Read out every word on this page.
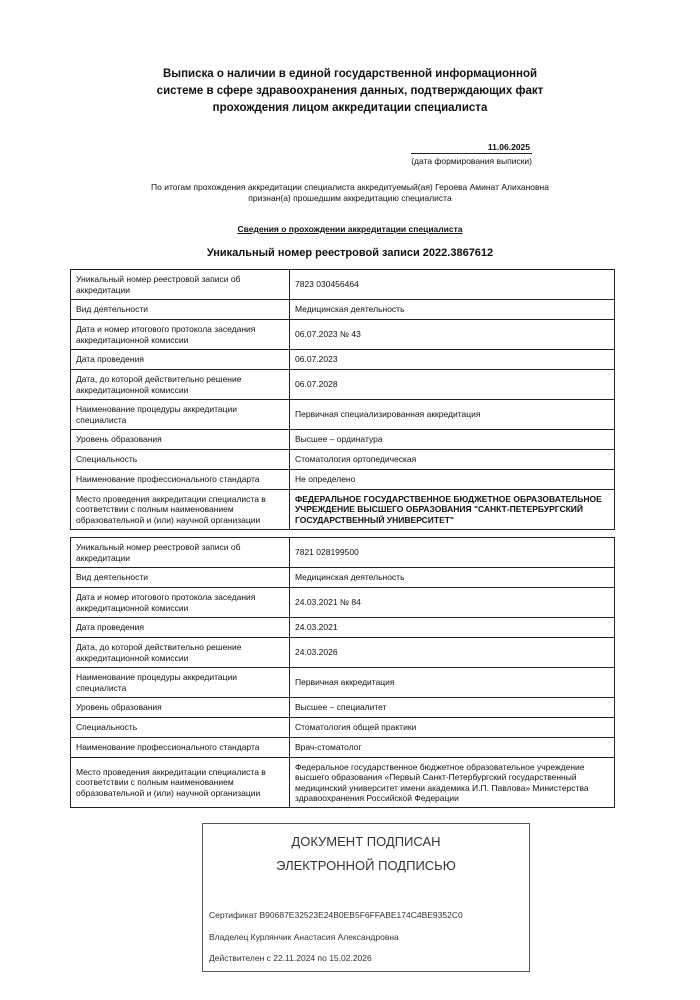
Выписка о наличии в единой государственной информационной
системе в сфере здравоохранения данных, подтверждающих факт
прохождения лицом аккредитации специалиста
11.06.2025
(дата формирования выписки)
По итогам прохождения аккредитации специалиста аккредитуемый(ая) Героева Аминат Алихановна
признан(а) прошедшим аккредитацию специалиста
Сведения о прохождении аккредитации специалиста
Уникальный номер реестровой записи 2022.3867612
Уникальный номер реестровой записи об аккредитации	7823 030456464
Вид деятельности	Медицинская деятельность
Дата и номер итогового протокола заседания аккредитационной комиссии	06.07.2023 № 43
Дата проведения	06.07.2023
Дата, до которой действительно решение аккредитационной комиссии	06.07.2028
Наименование процедуры аккредитации специалиста	Первичная специализированная аккредитация
Уровень образования	Высшее – ординатура
Специальность	Стоматология ортопедическая
Наименование профессионального стандарта	Не определено
Место проведения аккредитации специалиста в соответствии с полным наименованием образовательной и (или) научной организации	ФЕДЕРАЛЬНОЕ ГОСУДАРСТВЕННОЕ БЮДЖЕТНОЕ ОБРАЗОВАТЕЛЬНОЕ УЧРЕЖДЕНИЕ ВЫСШЕГО ОБРАЗОВАНИЯ "САНКТ-ПЕТЕРБУРГСКИЙ ГОСУДАРСТВЕННЫЙ УНИВЕРСИТЕТ"
Уникальный номер реестровой записи об аккредитации	7821 028199500
Вид деятельности	Медицинская деятельность
Дата и номер итогового протокола заседания аккредитационной комиссии	24.03.2021 № 84
Дата проведения	24.03.2021
Дата, до которой действительно решение аккредитационной комиссии	24.03.2026
Наименование процедуры аккредитации специалиста	Первичная аккредитация
Уровень образования	Высшее – специалитет
Специальность	Стоматология общей практики
Наименование профессионального стандарта	Врач-стоматолог
Место проведения аккредитации специалиста в соответствии с полным наименованием образовательной и (или) научной организации	Федеральное государственное бюджетное образовательное учреждение высшего образования «Первый Санкт-Петербургский государственный медицинский университет имени академика И.П. Павлова» Министерства здравоохранения Российской Федерации
ДОКУМЕНТ ПОДПИСАН
ЭЛЕКТРОННОЙ ПОДПИСЬЮ
Сертификат B90687E32523E24B0EB5F6FFABE174C4BE9352C0
Владелец Курлянчик Анастасия Александровна
Действителен с 22.11.2024 по 15.02.2026
